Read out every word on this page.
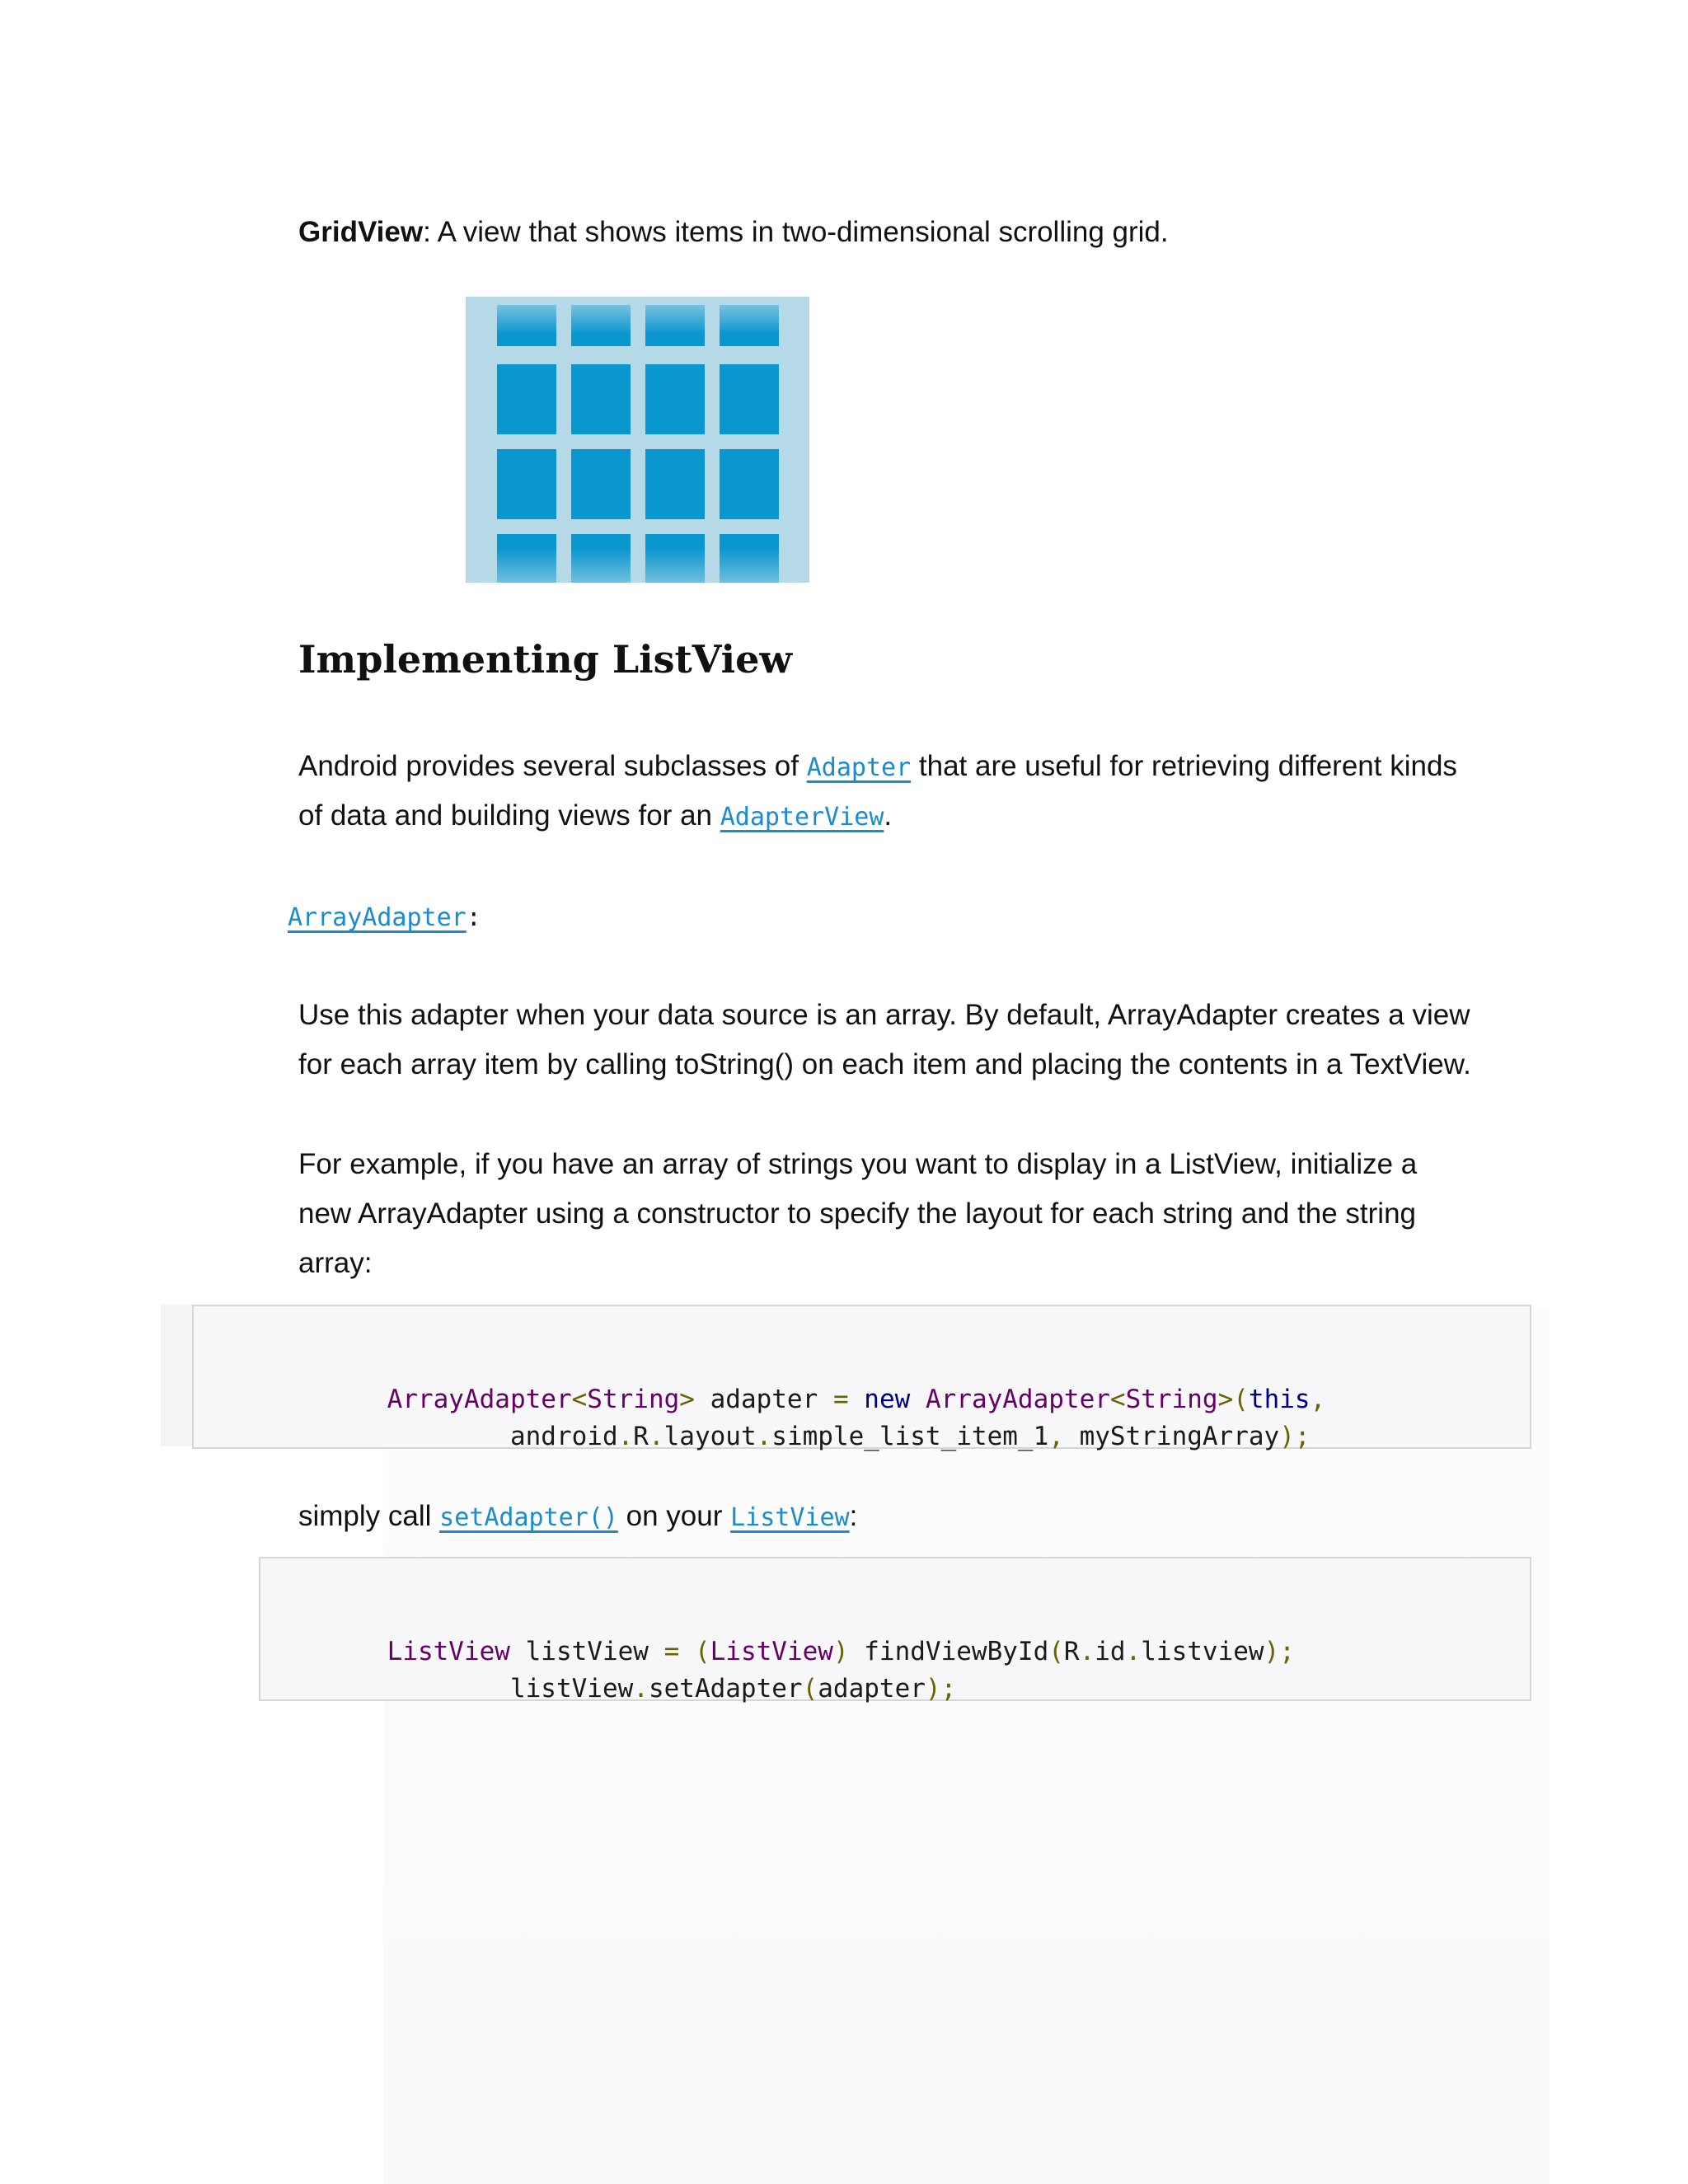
GridView: A view that shows items in two-dimensional scrolling grid.
Implementing ListView
Android provides several subclasses of Adapter that are useful for retrieving different kinds
of data and building views for an AdapterView.
ArrayAdapter:
Use this adapter when your data source is an array. By default, ArrayAdapter creates a view
for each array item by calling toString() on each item and placing the contents in a TextView.
For example, if you have an array of strings you want to display in a ListView, initialize a
new ArrayAdapter using a constructor to specify the layout for each string and the string
array:

ArrayAdapter<String> adapter = new ArrayAdapter<String>(this,

android.R.layout.simple_list_item_1, myStringArray);

simply call setAdapter() on your ListView:

ListView listView = (ListView) findViewById(R.id.listview);

listView.setAdapter(adapter);
